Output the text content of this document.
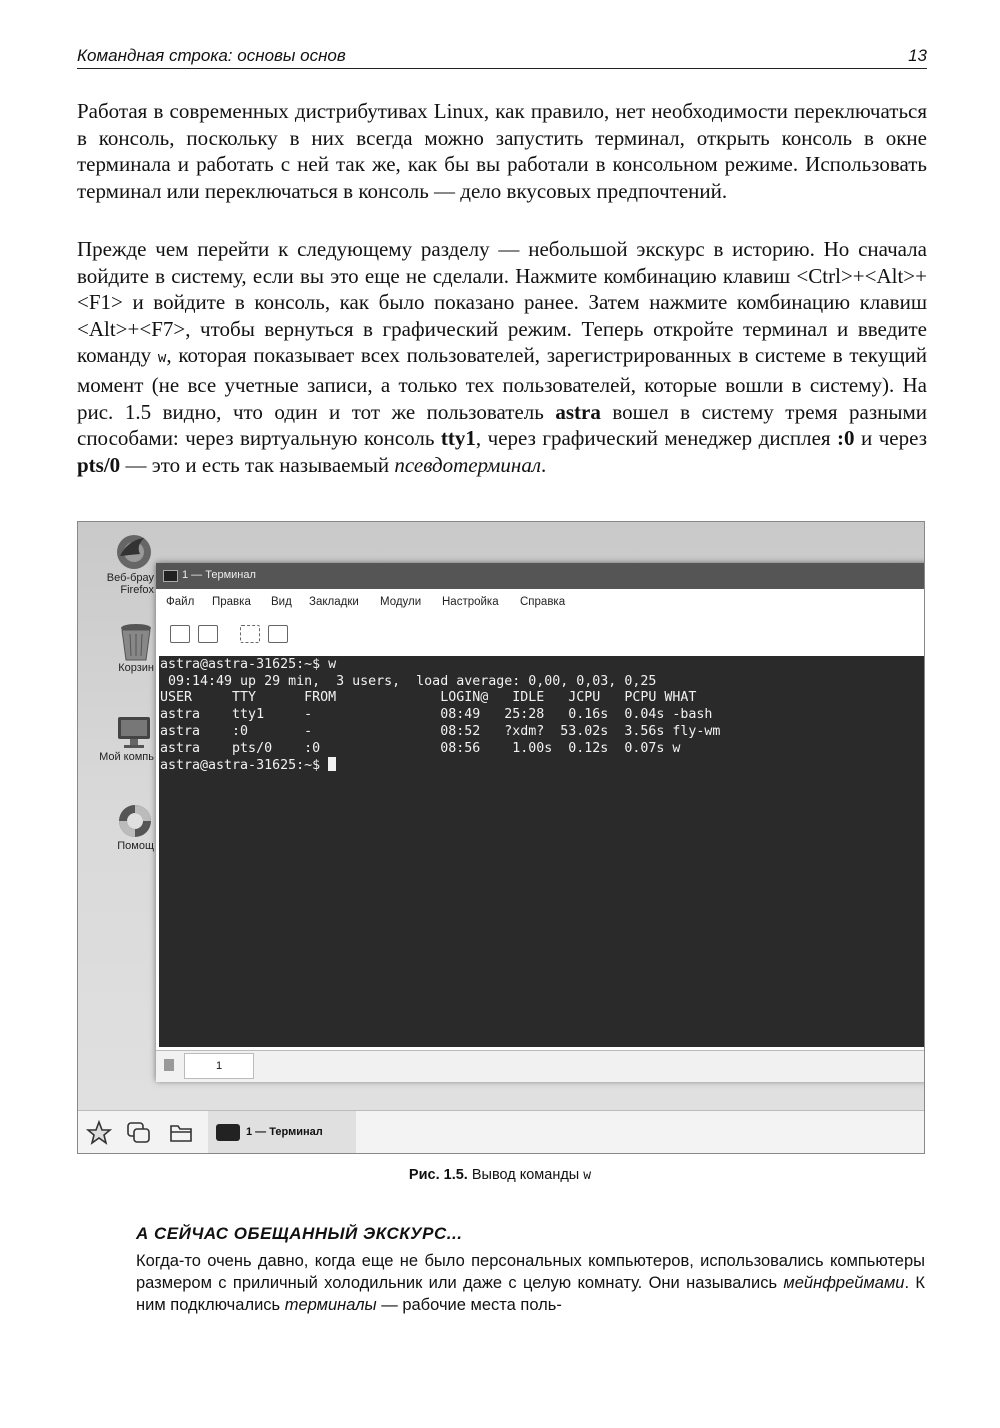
Командная строка: основы основ	13
Работая в современных дистрибутивах Linux, как правило, нет необходимости переключаться в консоль, поскольку в них всегда можно запустить терминал, открыть консоль в окне терминала и работать с ней так же, как бы вы работали в консольном режиме. Использовать терминал или переключаться в консоль — дело вкусовых предпочтений.
Прежде чем перейти к следующему разделу — небольшой экскурс в историю. Но сначала войдите в систему, если вы это еще не сделали. Нажмите комбинацию клавиш <Ctrl>+<Alt>+<F1> и войдите в консоль, как было показано ранее. Затем нажмите комбинацию клавиш <Alt>+<F7>, чтобы вернуться в графический режим. Теперь откройте терминал и введите команду w, которая показывает всех пользователей, зарегистрированных в системе в текущий момент (не все учетные записи, а только тех пользователей, которые вошли в систему). На рис. 1.5 видно, что один и тот же пользователь astra вошел в систему тремя разными способами: через виртуальную консоль tty1, через графический менеджер дисплея :0 и через pts/0 — это и есть так называемый псевдотерминал.
Веб-брау
Firefox
Корзин
Мой компь
Помощ
1 — Терминал
Файл Правка Вид Закладки Модули Настройка Справка
astra@astra-31625:~$ w
09:14:49 up 29 min,  3 users,  load average: 0,00, 0,03, 0,25
USER     TTY      FROM             LOGIN@   IDLE   JCPU   PCPU WHAT
astra    tty1     -                08:49   25:28   0.16s  0.04s -bash
astra    :0       -                08:52   ?xdm?  53.02s  3.56s fly-wm
astra    pts/0    :0               08:56    1.00s  0.12s  0.07s w
astra@astra-31625:~$
1
1 — Терминал
Рис. 1.5. Вывод команды w
А СЕЙЧАС ОБЕЩАННЫЙ ЭКСКУРС...
Когда-то очень давно, когда еще не было персональных компьютеров, использовались компьютеры размером с приличный холодильник или даже с целую комнату. Они назывались мейнфреймами. К ним подключались терминалы — рабочие места поль-
